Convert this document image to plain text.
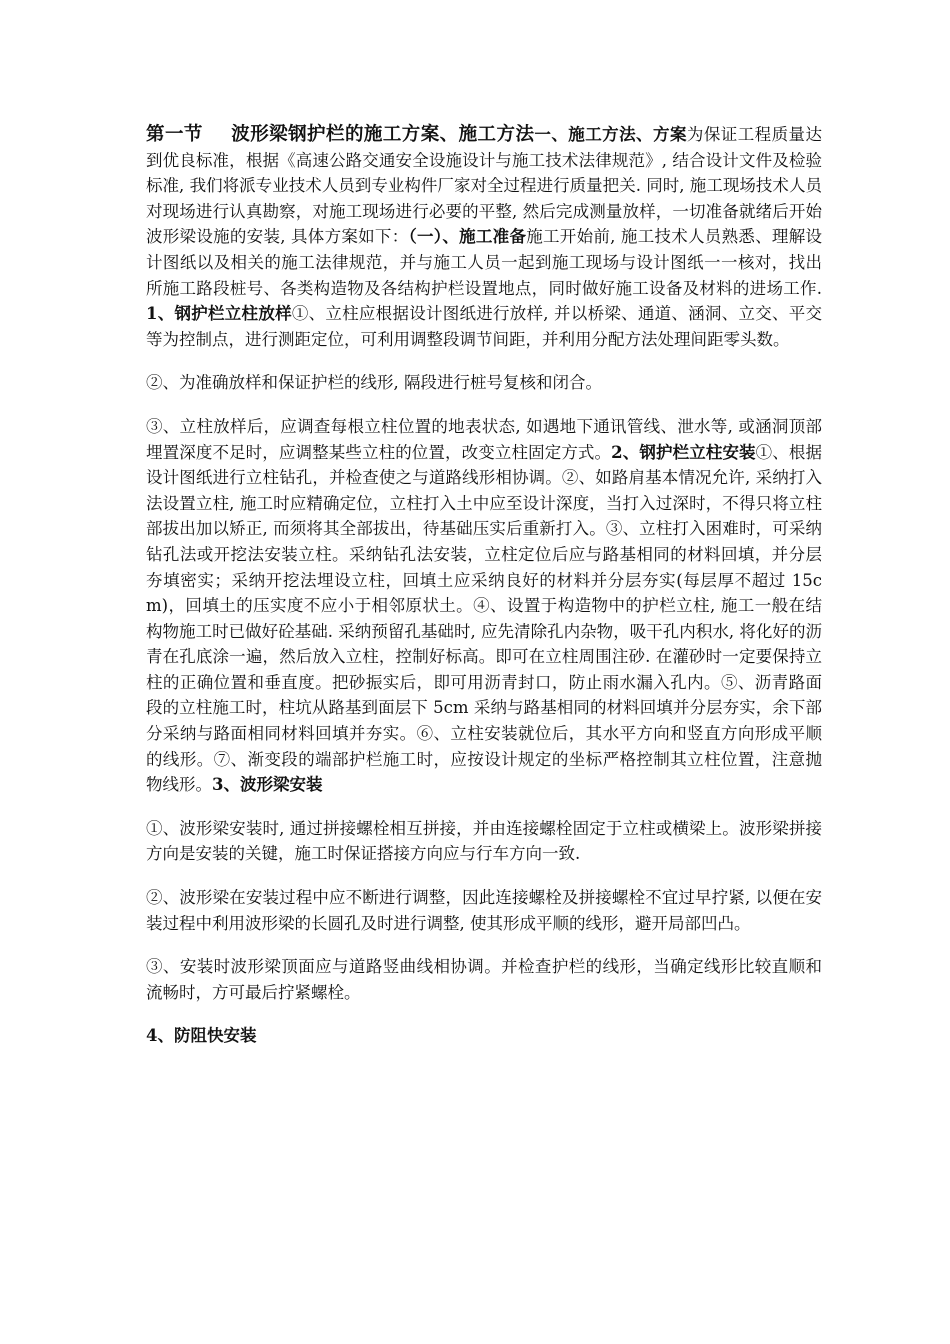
第一节 波形梁钢护栏的施工方案、施工方法一、施工方法、方案为保证工程质量达到优良标准，根据《高速公路交通安全设施设计与施工技术法律规范》, 结合设计文件及检验标准, 我们将派专业技术人员到专业构件厂家对全过程进行质量把关. 同时, 施工现场技术人员对现场进行认真勘察，对施工现场进行必要的平整, 然后完成测量放样，一切准备就绪后开始波形梁设施的安装, 具体方案如下：（一）、施工准备施工开始前, 施工技术人员熟悉、理解设计图纸以及相关的施工法律规范，并与施工人员一起到施工现场与设计图纸一一核对，找出所施工路段桩号、各类构造物及各结构护栏设置地点，同时做好施工设备及材料的进场工作.1、钢护栏立柱放样①、立柱应根据设计图纸进行放样, 并以桥梁、通道、涵洞、立交、平交等为控制点，进行测距定位，可利用调整段调节间距，并利用分配方法处理间距零头数。

②、为准确放样和保证护栏的线形, 隔段进行桩号复核和闭合。

③、立柱放样后，应调查每根立柱位置的地表状态, 如遇地下通讯管线、泄水等, 或涵洞顶部埋置深度不足时，应调整某些立柱的位置，改变立柱固定方式。2、钢护栏立柱安装①、根据设计图纸进行立柱钻孔，并检查使之与道路线形相协调。②、如路肩基本情况允许, 采纳打入法设置立柱, 施工时应精确定位，立柱打入土中应至设计深度，当打入过深时，不得只将立柱部拔出加以矫正, 而须将其全部拔出，待基础压实后重新打入。③、立柱打入困难时，可采纳钻孔法或开挖法安装立柱。采纳钻孔法安装，立柱定位后应与路基相同的材料回填，并分层夯填密实；采纳开挖法埋设立柱，回填土应采纳良好的材料并分层夯实(每层厚不超过 15cm)，回填土的压实度不应小于相邻原状土。④、设置于构造物中的护栏立柱, 施工一般在结构物施工时已做好砼基础. 采纳预留孔基础时, 应先清除孔内杂物，吸干孔内积水, 将化好的沥青在孔底涂一遍，然后放入立柱，控制好标高。即可在立柱周围注砂. 在灌砂时一定要保持立柱的正确位置和垂直度。把砂振实后，即可用沥青封口，防止雨水漏入孔内。⑤、沥青路面段的立柱施工时，柱坑从路基到面层下 5cm 采纳与路基相同的材料回填并分层夯实，余下部分采纳与路面相同材料回填并夯实。⑥、立柱安装就位后，其水平方向和竖直方向形成平顺的线形。⑦、渐变段的端部护栏施工时，应按设计规定的坐标严格控制其立柱位置，注意抛物线形。3、波形梁安装

①、波形梁安装时, 通过拼接螺栓相互拼接，并由连接螺栓固定于立柱或横梁上。波形梁拼接方向是安装的关键，施工时保证搭接方向应与行车方向一致.

②、波形梁在安装过程中应不断进行调整，因此连接螺栓及拼接螺栓不宜过早拧紧, 以便在安装过程中利用波形梁的长圆孔及时进行调整, 使其形成平顺的线形，避开局部凹凸。

③、安装时波形梁顶面应与道路竖曲线相协调。并检查护栏的线形，当确定线形比较直顺和流畅时，方可最后拧紧螺栓。

4、防阻快安装
